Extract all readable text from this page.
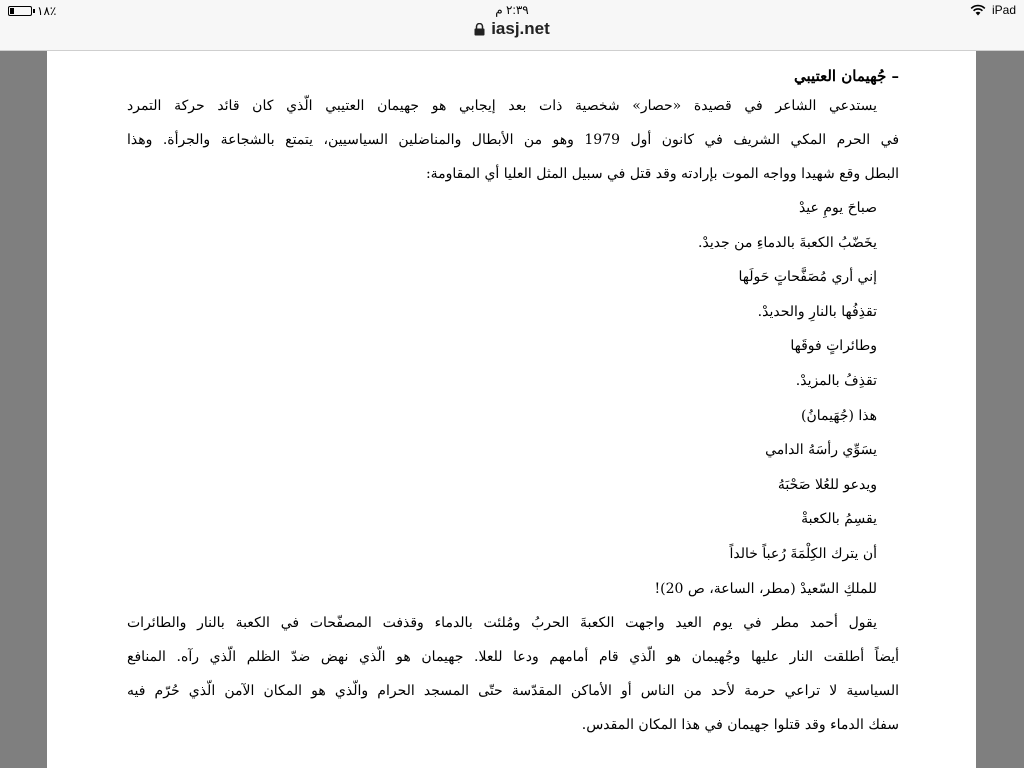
١٨٪	٢:٣٩ م	iPad
iasj.net
– جُهيمان العتيبي
يستدعي الشاعر في قصيدة «حصار» شخصية ذات بعد إيجابي هو جهيمان العتيبي الّذي كان قائد حركة التمرد
في الحرم المكي الشريف في كانون أول 1979 وهو من الأبطال والمناضلين السياسيين، يتمتع بالشجاعة والجرأة. وهذا
البطل وقع شهيدا وواجه الموت بإرادته وقد قتل في سبيل المثل العليا أي المقاومة:
صباحَ يومِ عيدْ
يخَضّبُ الكعبةَ بالدماءِ من جديدْ.
إني أري مُصَفَّحاتٍ حَولَها
تقذِفُها بالنارِ والحديدْ.
وطائراتٍ فوقَها
تقذِفُ بالمزيدْ.
هذا (جُهَيمانُ)
يسَوِّي رأسَهُ الدامي
ويدعو للعُلا صَحْبَهُ
يقسِمُ بالكعبةْ
أن يترك الكِلْمَةَ رُعباً خالداً
للملكِ السّعيدْ (مطر، الساعة، ص 20)!
يقول أحمد مطر في يوم العيد واجهت الكعبةَ الحربُ ومُلئت بالدماء وقذفت المصفّحات في الكعبة بالنار والطائرات
أيضاً أطلقت النار عليها وجُهيمان هو الّذي قام أمامهم ودعا للعلا. جهيمان هو الّذي نهض ضدّ الظلم الّذي رآه. المنافع
السياسية لا تراعي حرمة لأحد من الناس أو الأماكن المقدّسة حتّى المسجد الحرام والّذي هو المكان الآمن الّذي حُرّم فيه
سفك الدماء وقد قتلوا جهيمان في هذا المكان المقدس.
